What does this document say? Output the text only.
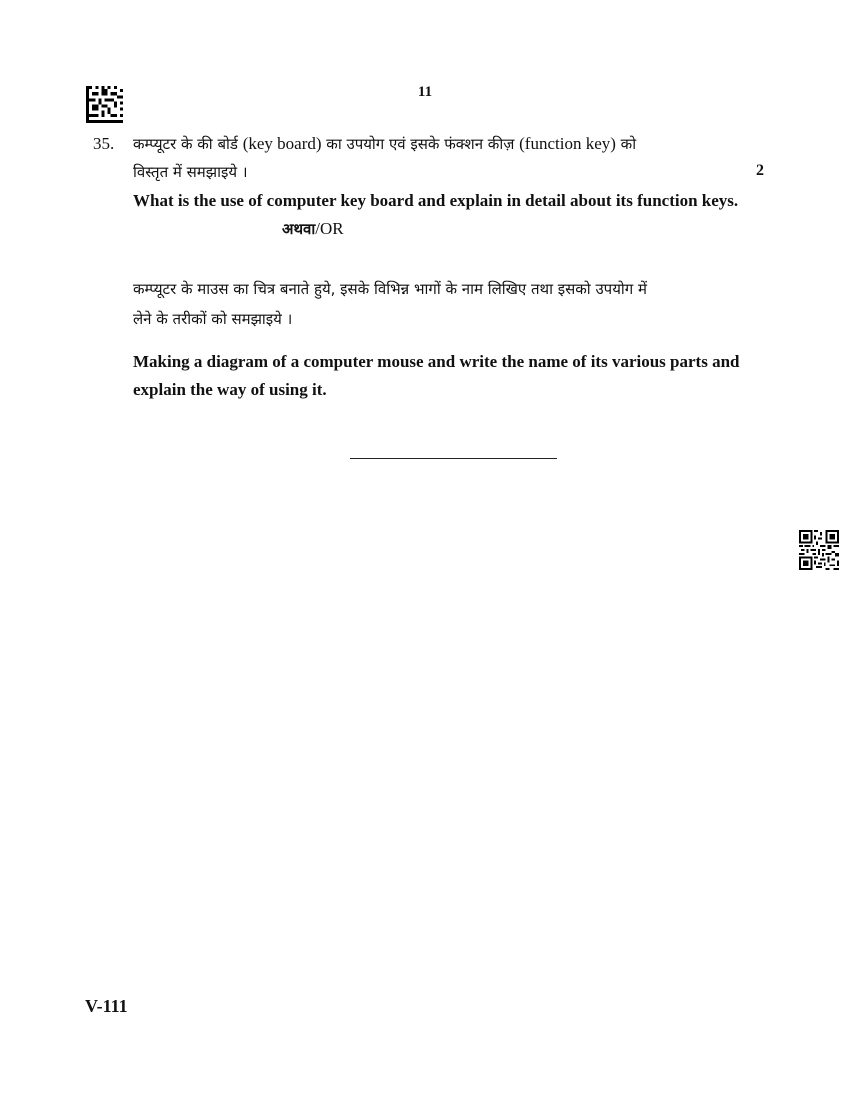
11
35.
2
कम्प्यूटर के की बोर्ड (key board) का उपयोग एवं इसके फंक्शन कीज़ (function key) को
विस्तृत में समझाइये ।
What is the use of computer key board and explain in detail about its function keys.
अथवा/OR
कम्प्यूटर के माउस का चित्र बनाते हुये, इसके विभिन्न भागों के नाम लिखिए तथा इसको उपयोग में
लेने के तरीकों को समझाइये ।
Making a diagram of a computer mouse and write the name of its various parts and
explain the way of using it.
V-111
